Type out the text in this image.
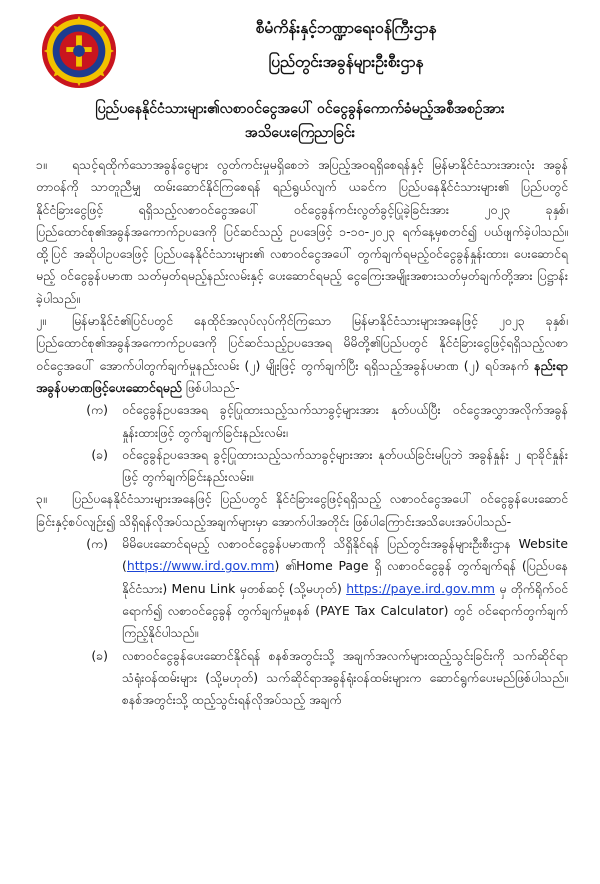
စီမံကိန်းနှင့်ဘဏ္ဍာရေးဝန်ကြီးဌာန
ပြည်တွင်းအခွန်များဦးစီးဌာန
ပြည်ပနေနိုင်ငံသားများ၏လစာဝင်ငွေအပေါ် ဝင်ငွေခွန်ကောက်ခံမည့်အစီအစဉ်အား
အသိပေးကြေညာခြင်း

၁။ ရသင့်ရထိုက်သောအခွန်ငွေများ လွတ်ကင်းမှုမရှိစေဘဲ အပြည့်အဝရရှိစေရန်နှင့် မြန်မာနိုင်ငံသားအားလုံး အခွန်တာဝန်ကို သာတူညီမျှ ထမ်းဆောင်နိုင်ကြစေရန် ရည်ရွယ်လျက် ယခင်က ပြည်ပနေနိုင်ငံသားများ၏ ပြည်ပတွင်နိုင်ငံခြားငွေဖြင့် ရရှိသည့်လစာဝင်ငွေအပေါ် ဝင်ငွေခွန်ကင်းလွတ်ခွင့်ပြုခဲ့ခြင်းအား ၂၀၂၃ ခုနှစ်၊ ပြည်ထောင်စု၏အခွန်အကောက်ဥပဒေကို ပြင်ဆင်သည့် ဥပဒေဖြင့် ၁-၁၀-၂၀၂၃ ရက်နေ့မှစတင်၍ ပယ်ဖျက်ခဲ့ပါသည်။ ထို့ပြင် အဆိုပါဥပဒေဖြင့် ပြည်ပနေနိုင်ငံသားများ၏ လစာဝင်ငွေအပေါ် တွက်ချက်ရမည့်ဝင်ငွေခွန်နှုန်းထား၊ ပေးဆောင်ရမည့် ဝင်ငွေခွန်ပမာဏ သတ်မှတ်ရမည့်နည်းလမ်းနှင့် ပေးဆောင်ရမည့် ငွေကြေးအမျိုးအစားသတ်မှတ်ချက်တို့အား ပြဋ္ဌာန်းခဲ့ပါသည်။

၂။ မြန်မာနိုင်ငံ၏ပြင်ပတွင် နေထိုင်အလုပ်လုပ်ကိုင်ကြသော မြန်မာနိုင်ငံသားများအနေဖြင့် ၂၀၂၃ ခုနှစ်၊ ပြည်ထောင်စု၏အခွန်အကောက်ဥပဒေကို ပြင်ဆင်သည့်ဥပဒေအရ မိမိတို့၏ပြည်ပတွင် နိုင်ငံခြားငွေဖြင့်ရရှိသည့်လစာဝင်ငွေအပေါ် အောက်ပါတွက်ချက်မှုနည်းလမ်း (၂) မျိုးဖြင့် တွက်ချက်ပြီး ရရှိသည့်အခွန်ပမာဏ (၂) ရပ်အနက် နည်းရာအခွန်ပမာဏဖြင့်ပေးဆောင်ရမည် ဖြစ်ပါသည်-

(က)	ဝင်ငွေခွန်ဥပဒေအရ ခွင့်ပြုထားသည့်သက်သာခွင့်များအား နုတ်ပယ်ပြီး ဝင်ငွေအလွှာအလိုက်အခွန်နှုန်းထားဖြင့် တွက်ချက်ခြင်းနည်းလမ်း၊
(ခ)	ဝင်ငွေခွန်ဥပဒေအရ ခွင့်ပြုထားသည့်သက်သာခွင့်များအား နုတ်ပယ်ခြင်းမပြုဘဲ အခွန်နှုန်း ၂ ရာခိုင်နှုန်းဖြင့် တွက်ချက်ခြင်းနည်းလမ်း။

၃။ ပြည်ပနေနိုင်ငံသားများအနေဖြင့် ပြည်ပတွင် နိုင်ငံခြားငွေဖြင့်ရရှိသည့် လစာဝင်ငွေအပေါ် ဝင်ငွေခွန်ပေးဆောင်ခြင်းနှင့်စပ်လျဉ်း၍ သိရှိရန်လိုအပ်သည့်အချက်များမှာ အောက်ပါအတိုင်း ဖြစ်ပါကြောင်းအသိပေးအပ်ပါသည်-

(က)	မိမိပေးဆောင်ရမည့် လစာဝင်ငွေခွန်ပမာဏကို သိရှိနိုင်ရန် ပြည်တွင်းအခွန်များဦးစီးဌာန Website (https://www.ird.gov.mm) ၏Home Page ရှိ လစာဝင်ငွေခွန် တွက်ချက်ရန် (ပြည်ပနေနိုင်ငံသား) Menu Link မှတစ်ဆင့် (သို့မဟုတ်) https://paye.ird.gov.mm မှ တိုက်ရိုက်ဝင်ရောက်၍ လစာဝင်ငွေခွန် တွက်ချက်မှုစနစ် (PAYE Tax Calculator) တွင် ဝင်ရောက်တွက်ချက်ကြည့်နိုင်ပါသည်။
(ခ)	လစာဝင်ငွေခွန်ပေးဆောင်နိုင်ရန် စနစ်အတွင်းသို့ အချက်အလက်များထည့်သွင်းခြင်းကို သက်ဆိုင်ရာသံရုံးဝန်ထမ်းများ (သို့မဟုတ်) သက်ဆိုင်ရာအခွန်ရုံးဝန်ထမ်းများက ဆောင်ရွက်ပေးမည်ဖြစ်ပါသည်။ စနစ်အတွင်းသို့ ထည့်သွင်းရန်လိုအပ်သည့် အချက်
